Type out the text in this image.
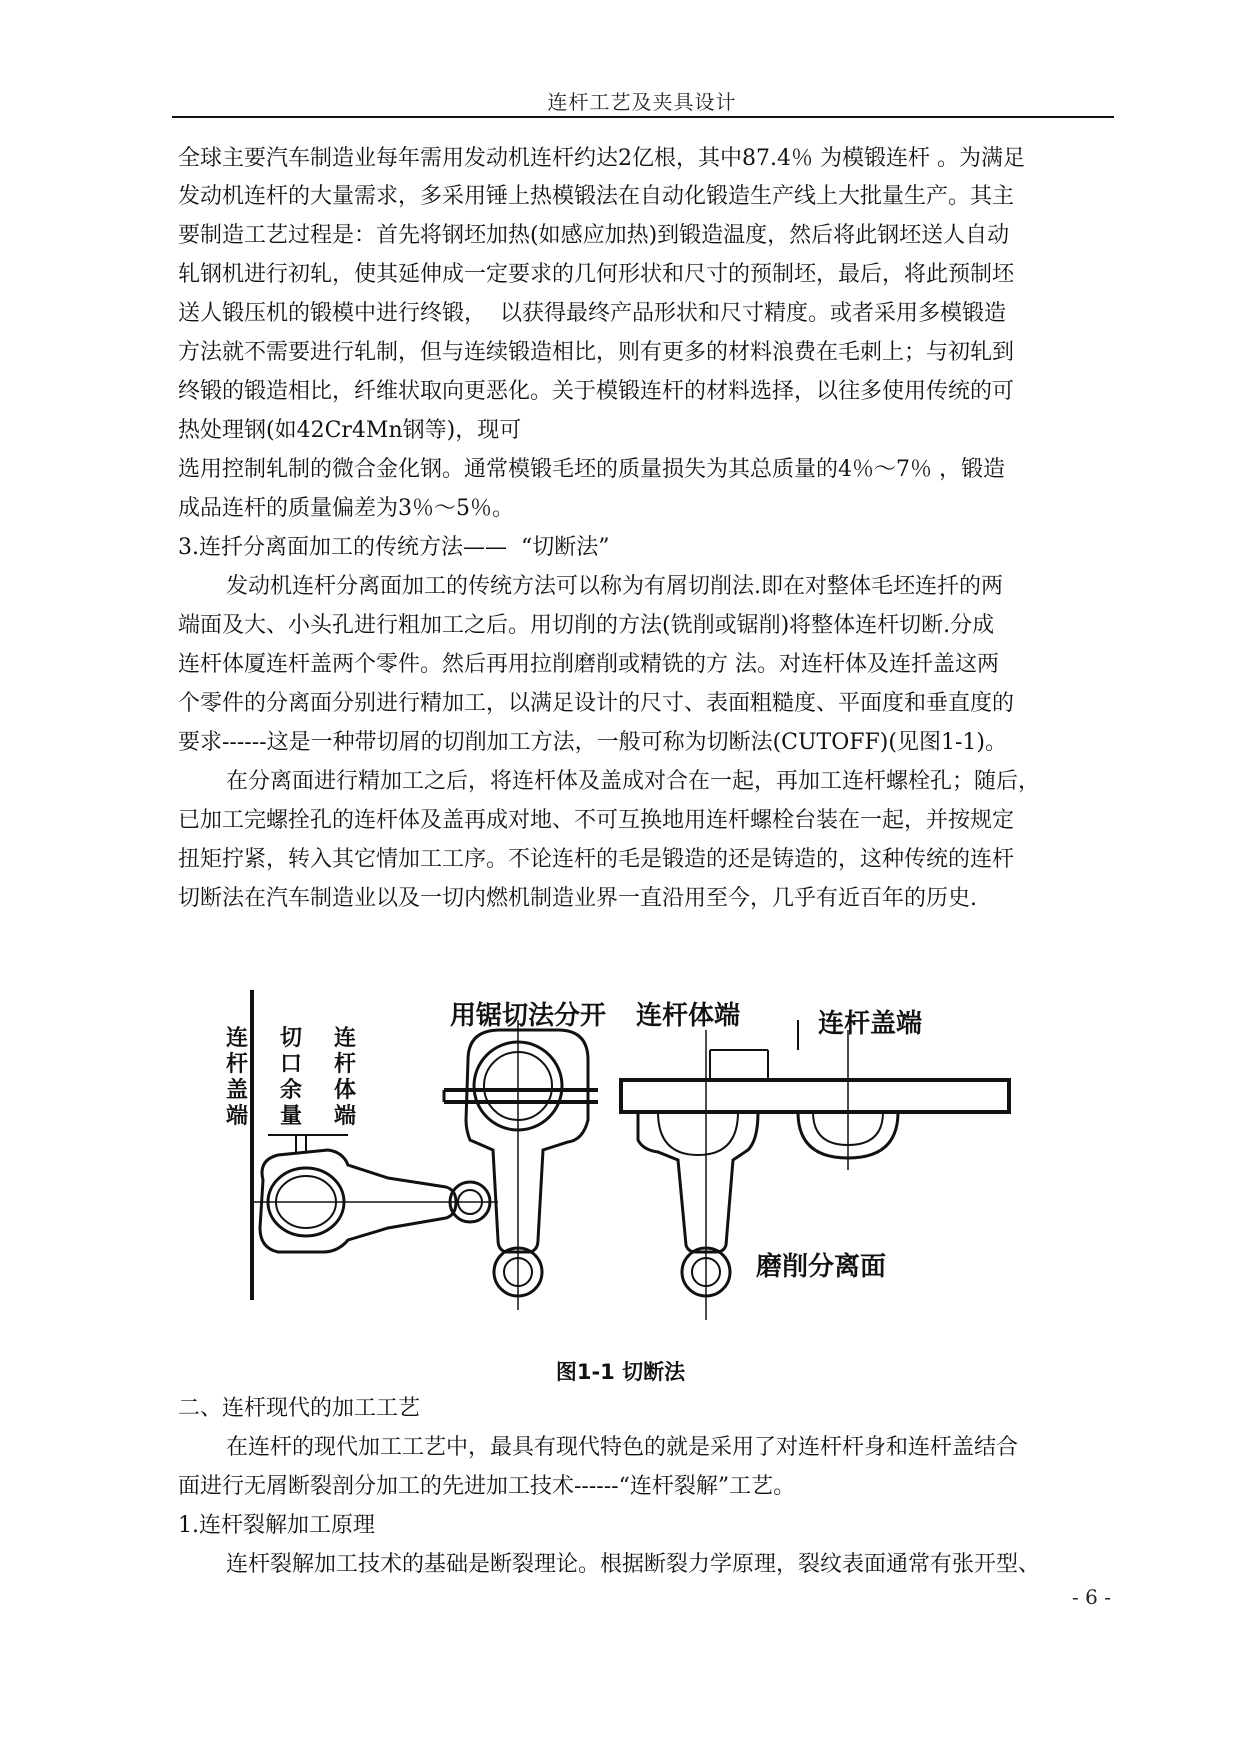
连杆工艺及夹具设计
全球主要汽车制造业每年需用发动机连杆约达2亿根，其中87.4％ 为模锻连杆 。为满足
发动机连杆的大量需求，多采用锤上热模锻法在自动化锻造生产线上大批量生产。其主
要制造工艺过程是：首先将钢坯加热(如感应加热)到锻造温度，然后将此钢坯送人自动
轧钢机进行初轧，使其延伸成一定要求的几何形状和尺寸的预制坯，最后，将此预制坯
送人锻压机的锻模中进行终锻，  以获得最终产品形状和尺寸精度。或者采用多模锻造
方法就不需要进行轧制，但与连续锻造相比，则有更多的材料浪费在毛刺上；与初轧到
终锻的锻造相比，纤维状取向更恶化。关于模锻连杆的材料选择，以往多使用传统的可
热处理钢(如42Cr4Mn钢等)，现可
选用控制轧制的微合金化钢。通常模锻毛坯的质量损失为其总质量的4％～7％ ，锻造
成品连杆的质量偏差为3％～5％。
3.连扦分离面加工的传统方法——  “切断法”
发动机连杆分离面加工的传统方法可以称为有屑切削法.即在对整体毛坯连扦的两
端面及大、小头孔进行粗加工之后。用切削的方法(铣削或锯削)将整体连杆切断.分成
连杆体厦连杆盖两个零件。然后再用拉削磨削或精铣的方 法。对连杆体及连扦盖这两
个零件的分离面分别进行精加工，以满足设计的尺寸、表面粗糙度、平面度和垂直度的
要求------这是一种带切屑的切削加工方法，一般可称为切断法(CUTOFF)(见图1-1)。
在分离面进行精加工之后，将连杆体及盖成对合在一起，再加工连杆螺栓孔；随后，
已加工完螺拴孔的连杆体及盖再成对地、不可互换地用连杆螺栓台装在一起，并按规定
扭矩拧紧，转入其它情加工工序。不论连杆的毛是锻造的还是铸造的，这种传统的连杆
切断法在汽车制造业以及一切内燃机制造业界一直沿用至今，几乎有近百年的历史.
连杆盖端
切口余量
连杆体端
用锯切法分开 连杆体端	连杆盖端
磨削分离面
图1-1 切断法
二、连杆现代的加工工艺
在连杆的现代加工工艺中，最具有现代特色的就是采用了对连杆杆身和连杆盖结合
面进行无屑断裂剖分加工的先进加工技术------“连杆裂解”工艺。
1.连杆裂解加工原理
连杆裂解加工技术的基础是断裂理论。根据断裂力学原理，裂纹表面通常有张开型、
- 6 -
